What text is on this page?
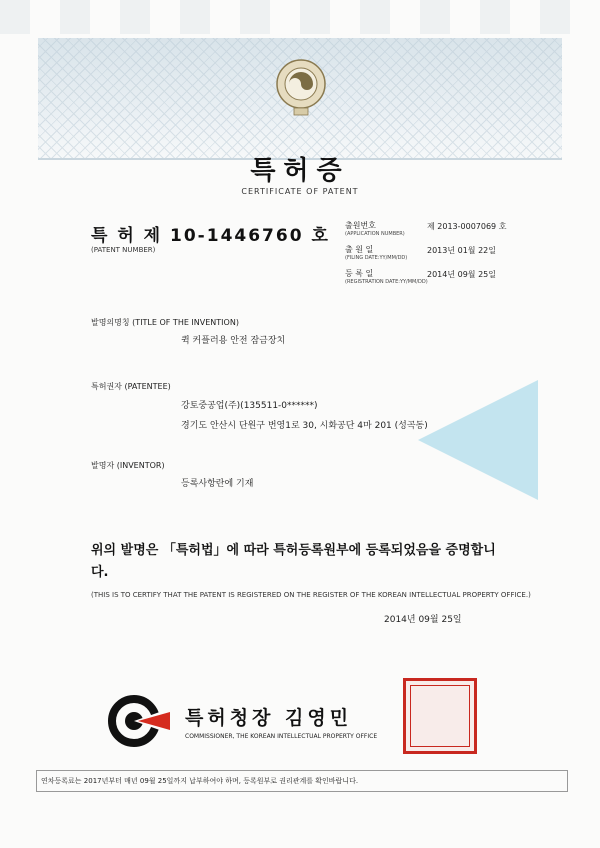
특허증
CERTIFICATE OF PATENT
특 허 제 10-1446760 호
(PATENT NUMBER)
출원번호
(APPLICATION NUMBER)
제 2013-0007069 호
출 원 일
(FILING DATE:YY/MM/DD)
2013년 01월 22일
등 록 일
(REGISTRATION DATE:YY/MM/DD)
2014년 09월 25일
발명의명칭 (TITLE OF THE INVENTION)
퀵 커플러용 안전 잠금장치
특허권자 (PATENTEE)
강토중공업(주)(135511-0******)
경기도 안산시 단원구 번영1로 30, 시화공단 4마 201 (성곡동)
발명자 (INVENTOR)
등록사항란에 기재
위의 발명은 「특허법」에 따라 특허등록원부에 등록되었음을 증명합니다.
(THIS IS TO CERTIFY THAT THE PATENT IS REGISTERED ON THE REGISTER OF THE KOREAN INTELLECTUAL PROPERTY OFFICE.)
2014년 09월 25일
특허청장 김영민
COMMISSIONER, THE KOREAN INTELLECTUAL PROPERTY OFFICE
연차등록료는 2017년부터 매년 09월 25일까지 납부하여야 하며, 등록원부로 권리관계를 확인바랍니다.
